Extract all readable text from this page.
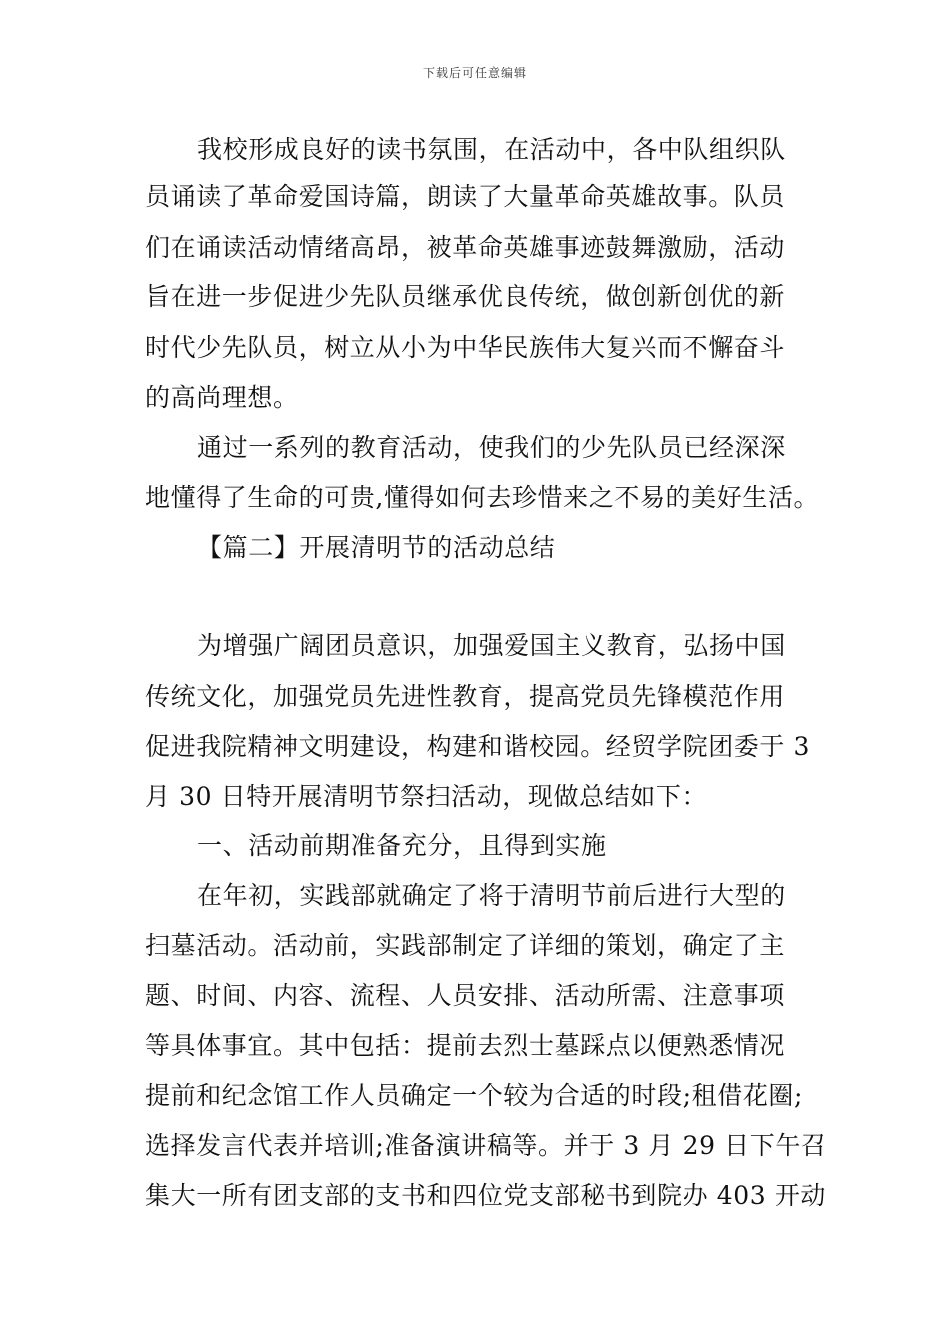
下载后可任意编辑
我校形成良好的读书氛围，在活动中，各中队组织队
员诵读了革命爱国诗篇，朗读了大量革命英雄故事。队员
们在诵读活动情绪高昂，被革命英雄事迹鼓舞激励，活动
旨在进一步促进少先队员继承优良传统，做创新创优的新
时代少先队员，树立从小为中华民族伟大复兴而不懈奋斗
的高尚理想。
通过一系列的教育活动，使我们的少先队员已经深深
地懂得了生命的可贵,懂得如何去珍惜来之不易的美好生活。
【篇二】开展清明节的活动总结
为增强广阔团员意识，加强爱国主义教育，弘扬中国
传统文化，加强党员先进性教育，提高党员先锋模范作用
促进我院精神文明建设，构建和谐校园。经贸学院团委于 3
月 30 日特开展清明节祭扫活动，现做总结如下：
一、活动前期准备充分，且得到实施
在年初，实践部就确定了将于清明节前后进行大型的
扫墓活动。活动前，实践部制定了详细的策划，确定了主
题、时间、内容、流程、人员安排、活动所需、注意事项
等具体事宜。其中包括：提前去烈士墓踩点以便熟悉情况
提前和纪念馆工作人员确定一个较为合适的时段;租借花圈;
选择发言代表并培训;准备演讲稿等。并于 3 月 29 日下午召
集大一所有团支部的支书和四位党支部秘书到院办 403 开动
